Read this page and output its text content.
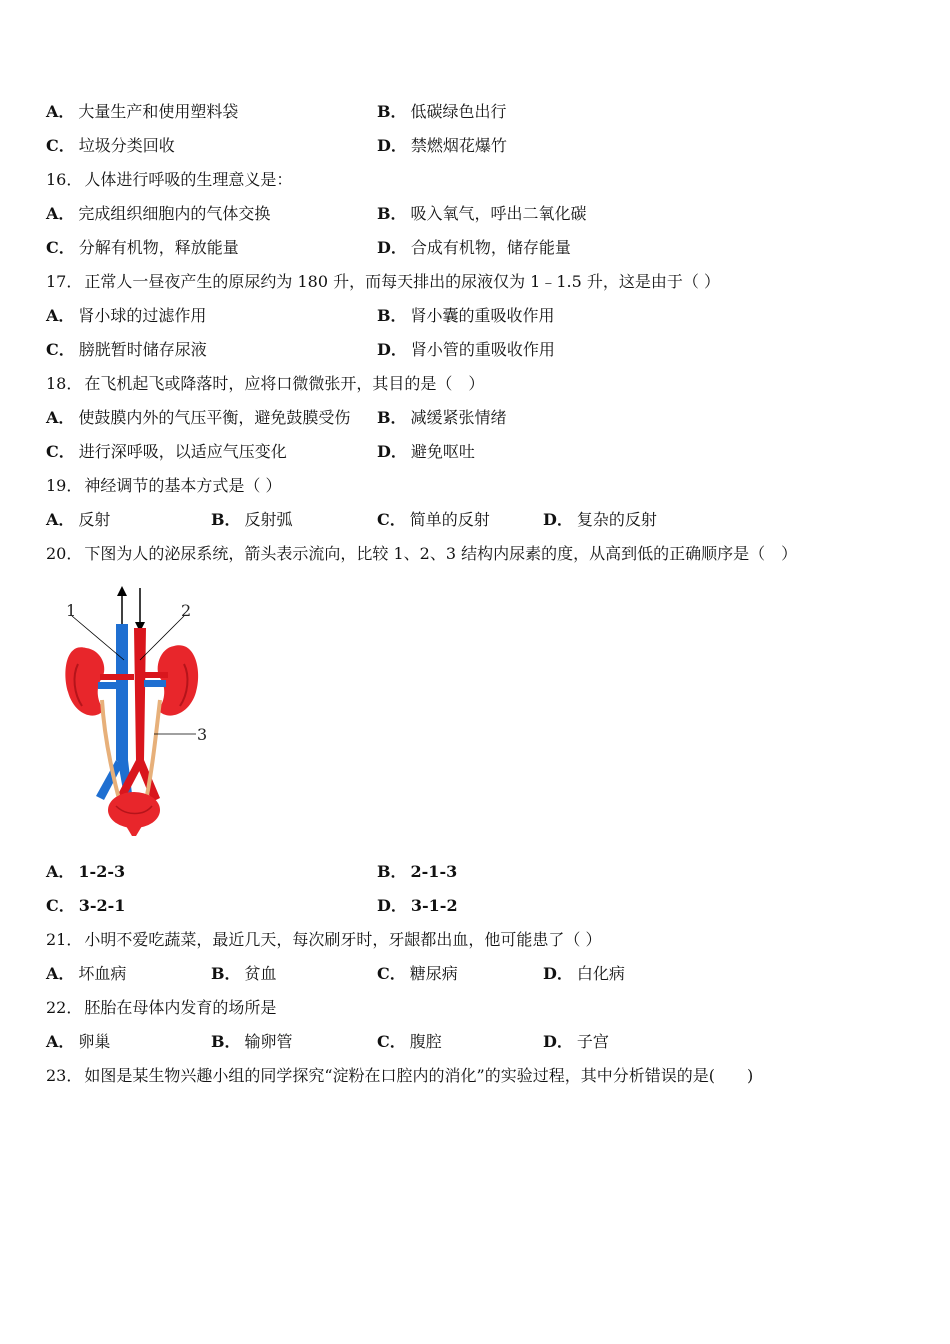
A． 大量生产和使用塑料袋	B． 低碳绿色出行
C． 垃圾分类回收	D． 禁燃烟花爆竹
16． 人体进行呼吸的生理意义是：
A． 完成组织细胞内的气体交换	B． 吸入氧气，呼出二氧化碳
C． 分解有机物，释放能量	D． 合成有机物，储存能量
17． 正常人一昼夜产生的原尿约为 180 升，而每天排出的尿液仅为 1﹣1.5 升，这是由于（ ）
A． 肾小球的过滤作用	B． 肾小囊的重吸收作用
C． 膀胱暂时储存尿液	D． 肾小管的重吸收作用
18． 在飞机起飞或降落时，应将口微微张开，其目的是（　）
A． 使鼓膜内外的气压平衡，避免鼓膜受伤 B． 减缓紧张情绪
C． 进行深呼吸，以适应气压变化	D． 避免呕吐
19． 神经调节的基本方式是（ ）
A． 反射	B． 反射弧	C． 简单的反射	D． 复杂的反射
20． 下图为人的泌尿系统，箭头表示流向，比较 1、2、3 结构内尿素的度，从高到低的正确顺序是（　）
1	2
3
A． 1-2-3	B． 2-1-3
C． 3-2-1	D． 3-1-2
21． 小明不爱吃蔬菜，最近几天，每次刷牙时，牙龈都出血，他可能患了（ ）
A． 坏血病	B． 贫血	C． 糖尿病	D． 白化病
22． 胚胎在母体内发育的场所是
A． 卵巢	B． 输卵管	C． 腹腔	D． 子宫
23． 如图是某生物兴趣小组的同学探究“淀粉在口腔内的消化”的实验过程，其中分析错误的是(　　)
